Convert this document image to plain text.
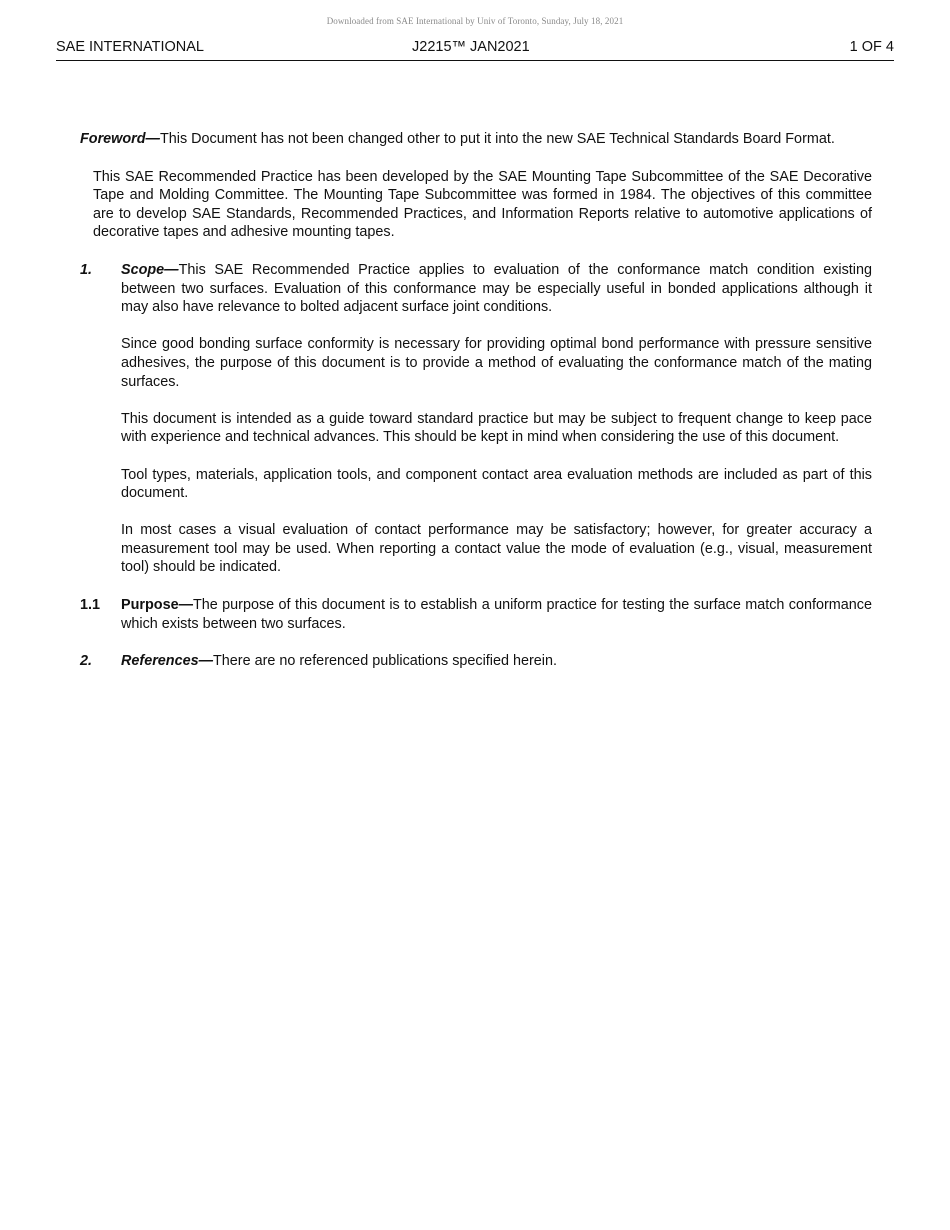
Downloaded from SAE International by Univ of Toronto, Sunday, July 18, 2021
SAE INTERNATIONAL	J2215™ JAN2021	1 OF 4

Foreword—This Document has not been changed other to put it into the new SAE Technical Standards Board Format.

This SAE Recommended Practice has been developed by the SAE Mounting Tape Subcommittee of the SAE Decorative Tape and Molding Committee. The Mounting Tape Subcommittee was formed in 1984. The objectives of this committee are to develop SAE Standards, Recommended Practices, and Information Reports relative to automotive applications of decorative tapes and adhesive mounting tapes.

1. Scope—This SAE Recommended Practice applies to evaluation of the conformance match condition existing between two surfaces. Evaluation of this conformance may be especially useful in bonded applications although it may also have relevance to bolted adjacent surface joint conditions.

Since good bonding surface conformity is necessary for providing optimal bond performance with pressure sensitive adhesives, the purpose of this document is to provide a method of evaluating the conformance match of the mating surfaces.

This document is intended as a guide toward standard practice but may be subject to frequent change to keep pace with experience and technical advances. This should be kept in mind when considering the use of this document.

Tool types, materials, application tools, and component contact area evaluation methods are included as part of this document.

In most cases a visual evaluation of contact performance may be satisfactory; however, for greater accuracy a measurement tool may be used. When reporting a contact value the mode of evaluation (e.g., visual, measurement tool) should be indicated.

1.1 Purpose—The purpose of this document is to establish a uniform practice for testing the surface match conformance which exists between two surfaces.

2. References—There are no referenced publications specified herein.
